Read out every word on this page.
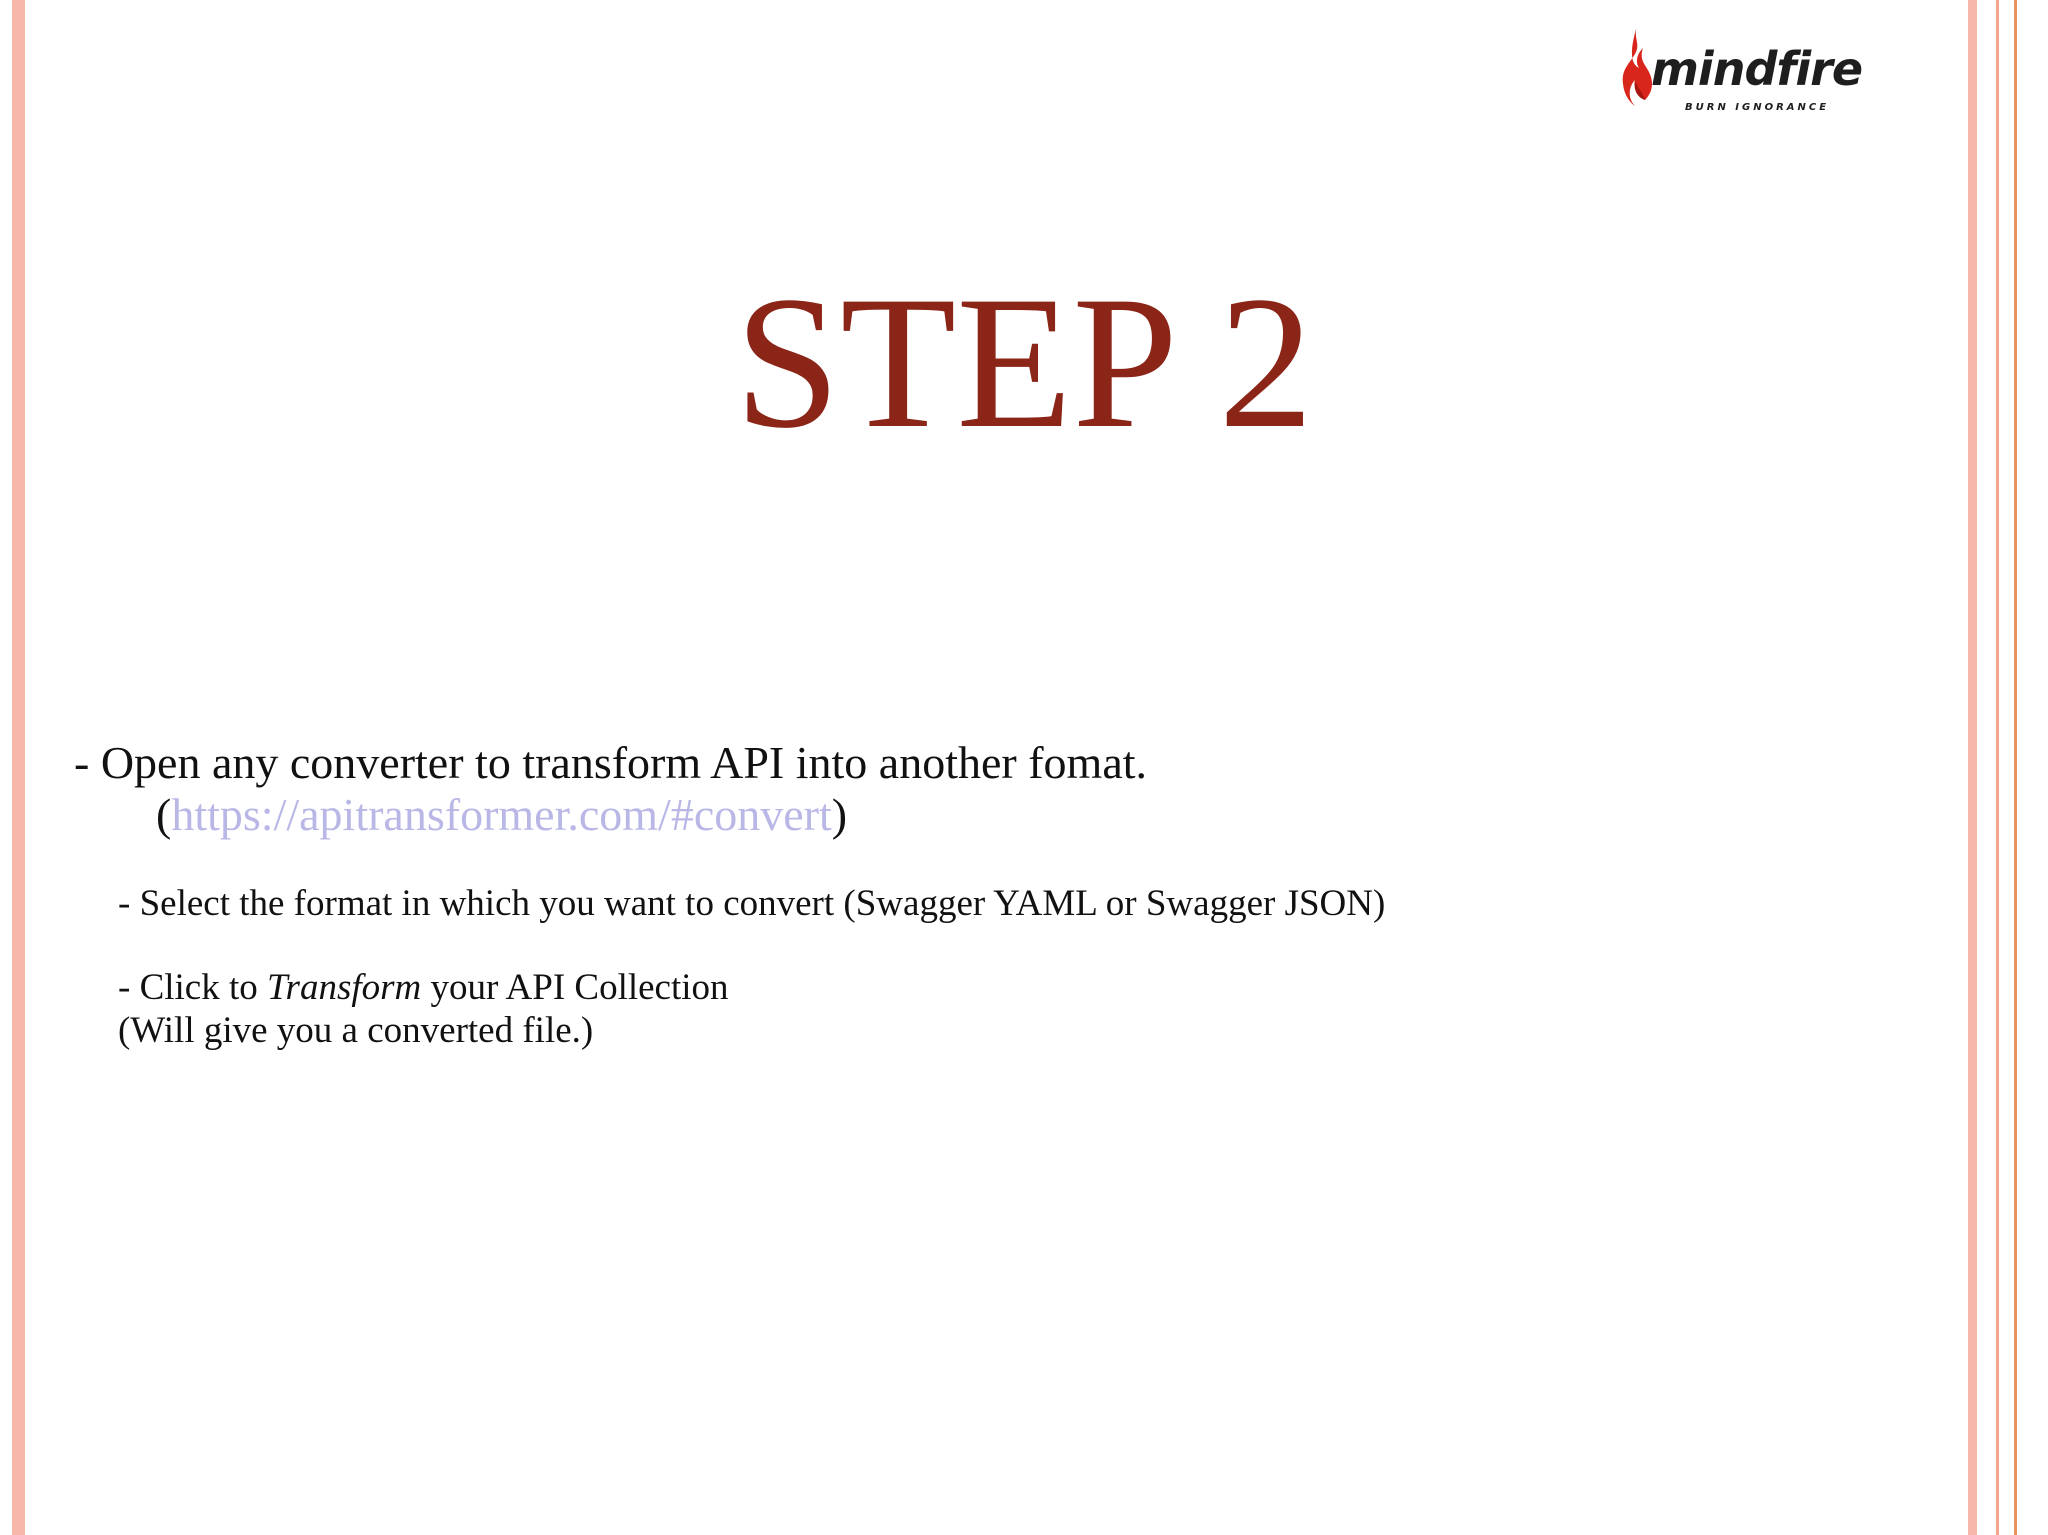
mindfire
BURN IGNORANCE
STEP 2
- Open any converter to transform API into another fomat.
(https://apitransformer.com/#convert)
- Select the format in which you want to convert (Swagger YAML or Swagger JSON)
- Click to Transform your API Collection
(Will give you a converted file.)
